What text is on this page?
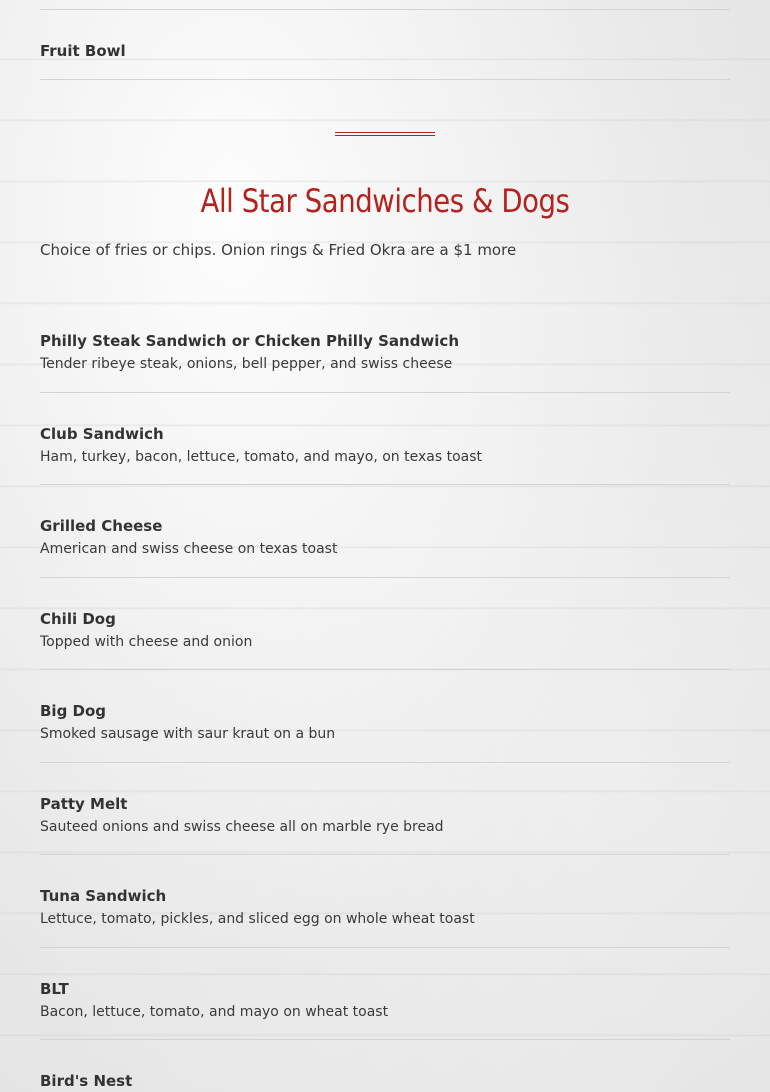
Fruit Bowl
All Star Sandwiches & Dogs
Choice of fries or chips. Onion rings & Fried Okra are a $1 more
Philly Steak Sandwich or Chicken Philly Sandwich
Tender ribeye steak, onions, bell pepper, and swiss cheese
Club Sandwich
Ham, turkey, bacon, lettuce, tomato, and mayo, on texas toast
Grilled Cheese
American and swiss cheese on texas toast
Chili Dog
Topped with cheese and onion
Big Dog
Smoked sausage with saur kraut on a bun
Patty Melt
Sauteed onions and swiss cheese all on marble rye bread
Tuna Sandwich
Lettuce, tomato, pickles, and sliced egg on whole wheat toast
BLT
Bacon, lettuce, tomato, and mayo on wheat toast
Bird's Nest
